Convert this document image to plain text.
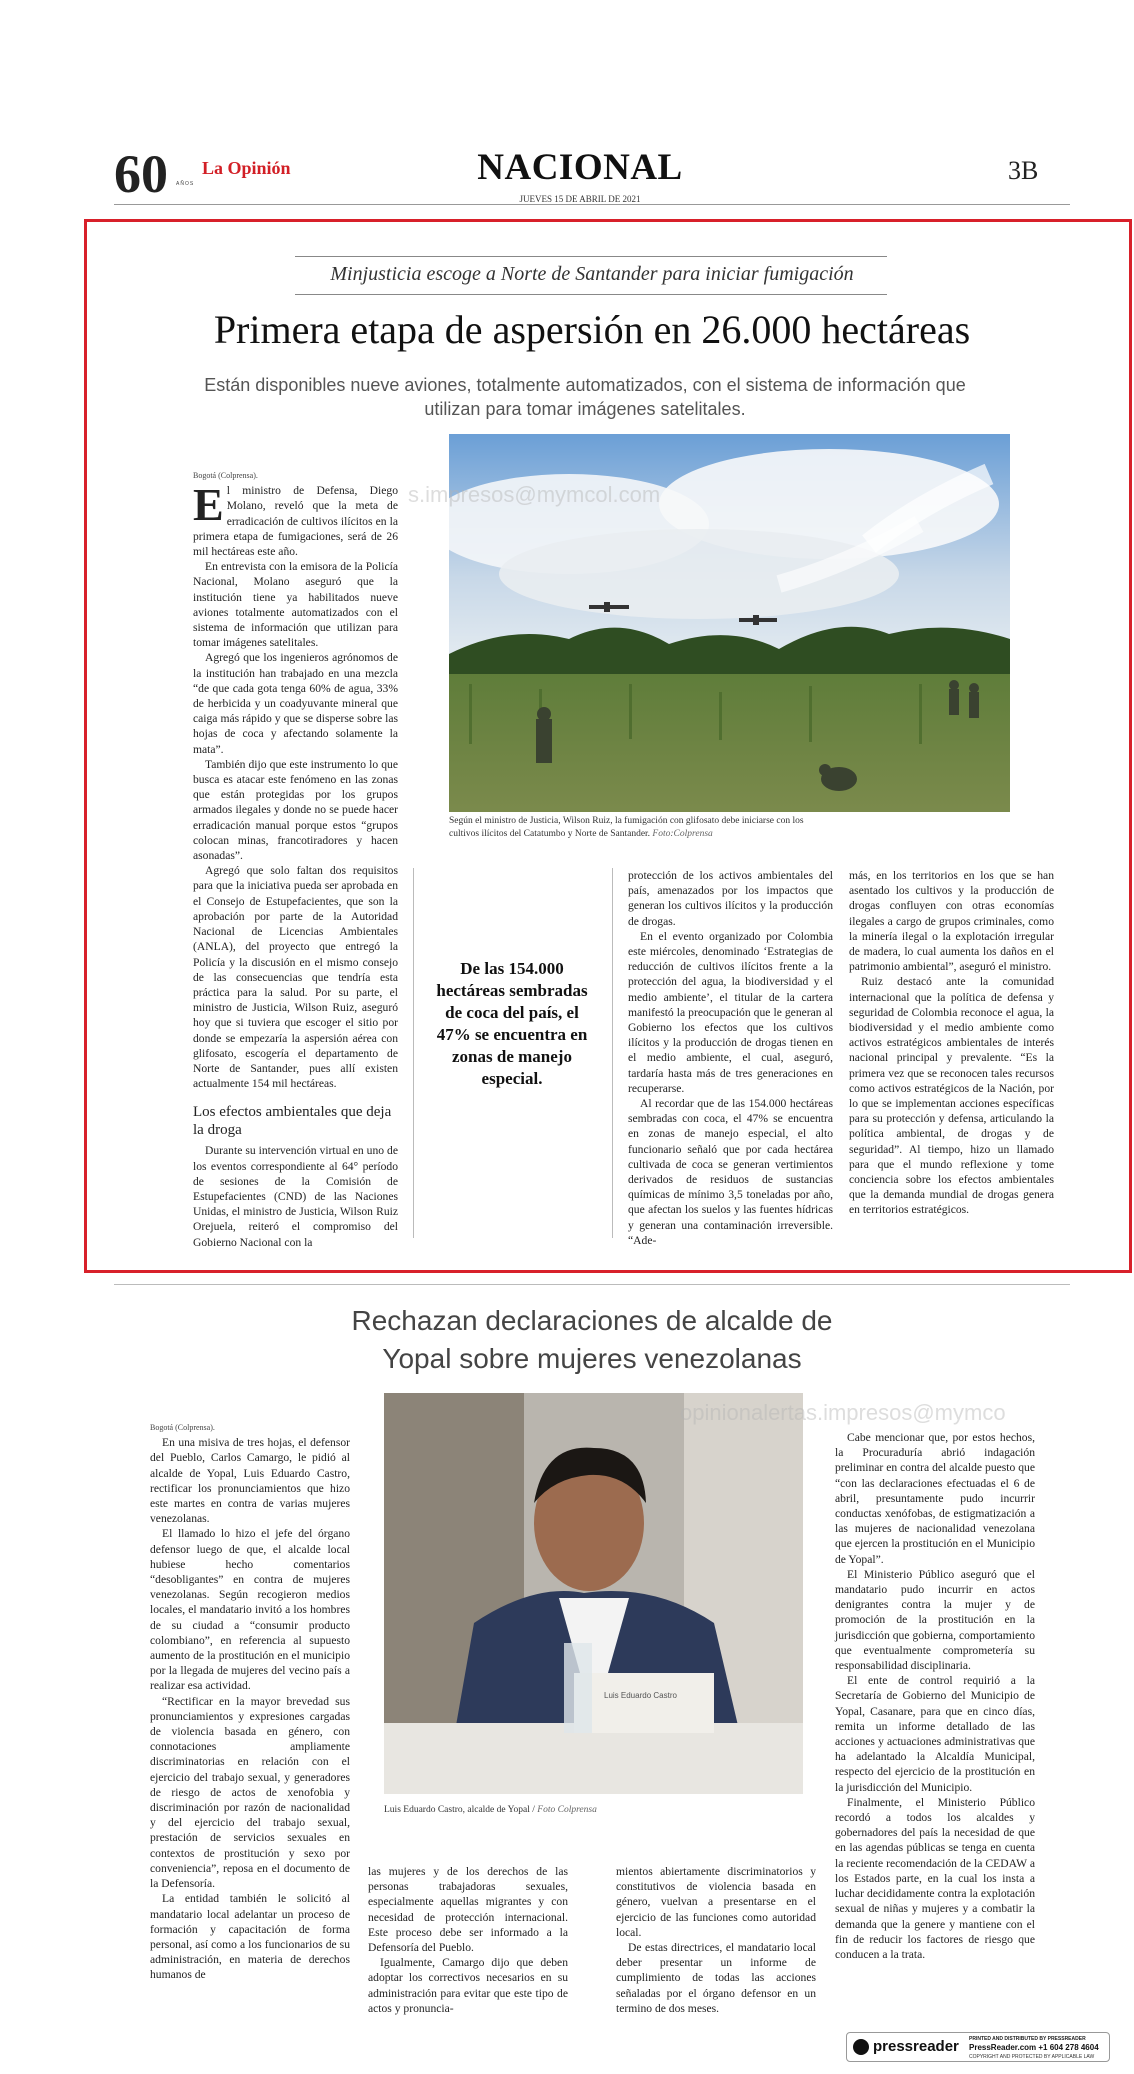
60 AÑOS
La Opinión	NACIONAL
JUEVES 15 DE ABRIL DE 2021
3B
Minjusticia escoge a Norte de Santander para iniciar fumigación
Primera etapa de aspersión en 26.000 hectáreas
Están disponibles nueve aviones, totalmente automatizados, con el sistema de información que utilizan para tomar imágenes satelitales.
Según el ministro de Justicia, Wilson Ruiz, la fumigación con glifosato debe iniciarse con los cultivos ilícitos del Catatumbo y Norte de Santander. Foto:Colprensa

Bogotá (Colprensa).

El ministro de Defensa, Diego Molano, reveló que la meta de erradicación de cultivos ilícitos en la primera etapa de fumigaciones, será de 26 mil hectáreas este año.

En entrevista con la emisora de la Policía Nacional, Molano aseguró que la institución tiene ya habilitados nueve aviones totalmente automatizados con el sistema de información que utilizan para tomar imágenes satelitales.

Agregó que los ingenieros agrónomos de la institución han trabajado en una mezcla “de que cada gota tenga 60% de agua, 33% de herbicida y un coadyuvante mineral que caiga más rápido y que se disperse sobre las hojas de coca y afectando solamente la mata”.

También dijo que este instrumento lo que busca es atacar este fenómeno en las zonas que están protegidas por los grupos armados ilegales y donde no se puede hacer erradicación manual porque estos “grupos colocan minas, francotiradores y hacen asonadas”.

Agregó que solo faltan dos requisitos para que la iniciativa pueda ser aprobada en el Consejo de Estupefacientes, que son la aprobación por parte de la Autoridad Nacional de Licencias Ambientales (ANLA), del proyecto que entregó la Policía y la discusión en el mismo consejo de las consecuencias que tendría esta práctica para la salud. Por su parte, el ministro de Justicia, Wilson Ruiz, aseguró hoy que si tuviera que escoger el sitio por donde se empezaría la aspersión aérea con glifosato, escogería el departamento de Norte de Santander, pues allí existen actualmente 154 mil hectáreas.

Los efectos ambientales que deja la droga

Durante su intervención virtual en uno de los eventos correspondiente al 64° período de sesiones de la Comisión de Estupefacientes (CND) de las Naciones Unidas, el ministro de Justicia, Wilson Ruiz Orejuela, reiteró el compromiso del Gobierno Nacional con la

De las 154.000 hectáreas sembradas de coca del país, el 47% se encuentra en zonas de manejo especial.

protección de los activos ambientales del país, amenazados por los impactos que generan los cultivos ilícitos y la producción de drogas.

En el evento organizado por Colombia este miércoles, denominado ‘Estrategias de reducción de cultivos ilícitos frente a la protección del agua, la biodiversidad y el medio ambiente’, el titular de la cartera manifestó la preocupación que le generan al Gobierno los efectos que los cultivos ilícitos y la producción de drogas tienen en el medio ambiente, el cual, aseguró, tardaría hasta más de tres generaciones en recuperarse.

Al recordar que de las 154.000 hectáreas sembradas con coca, el 47% se encuentra en zonas de manejo especial, el alto funcionario señaló que por cada hectárea cultivada de coca se generan vertimientos derivados de residuos de sustancias químicas de mínimo 3,5 toneladas por año, que afectan los suelos y las fuentes hídricas y generan una contaminación irreversible. “Ade-

más, en los territorios en los que se han asentado los cultivos y la producción de drogas confluyen con otras economías ilegales a cargo de grupos criminales, como la minería ilegal o la explotación irregular de madera, lo cual aumenta los daños en el patrimonio ambiental”, aseguró el ministro.

Ruiz destacó ante la comunidad internacional que la política de defensa y seguridad de Colombia reconoce el agua, la biodiversidad y el medio ambiente como activos estratégicos ambientales de interés nacional principal y prevalente. “Es la primera vez que se reconocen tales recursos como activos estratégicos de la Nación, por lo que se implementan acciones específicas para su protección y defensa, articulando la política ambiental, de drogas y de seguridad”. Al tiempo, hizo un llamado para que el mundo reflexione y tome conciencia sobre los efectos ambientales que la demanda mundial de drogas genera en territorios estratégicos.

s.impresos@mymcol.com
Rechazan declaraciones de alcalde de Yopal sobre mujeres venezolanas
Luis Eduardo Castro
Luis Eduardo Castro, alcalde de Yopal / Foto Colprensa

Bogotá (Colprensa).

En una misiva de tres hojas, el defensor del Pueblo, Carlos Camargo, le pidió al alcalde de Yopal, Luis Eduardo Castro, rectificar los pronunciamientos que hizo este martes en contra de varias mujeres venezolanas.

El llamado lo hizo el jefe del órgano defensor luego de que, el alcalde local hubiese hecho comentarios “desobligantes” en contra de mujeres venezolanas. Según recogieron medios locales, el mandatario invitó a los hombres de su ciudad a “consumir producto colombiano”, en referencia al supuesto aumento de la prostitución en el municipio por la llegada de mujeres del vecino país a realizar esa actividad.

“Rectificar en la mayor brevedad sus pronunciamientos y expresiones cargadas de violencia basada en género, con connotaciones ampliamente discriminatorias en relación con el ejercicio del trabajo sexual, y generadores de riesgo de actos de xenofobia y discriminación por razón de nacionalidad y del ejercicio del trabajo sexual, prestación de servicios sexuales en contextos de prostitución y sexo por conveniencia”, reposa en el documento de la Defensoría.

La entidad también le solicitó al mandatario local adelantar un proceso de formación y capacitación de forma personal, así como a los funcionarios de su administración, en materia de derechos humanos de

las mujeres y de los derechos de las personas trabajadoras sexuales, especialmente aquellas migrantes y con necesidad de protección internacional. Este proceso debe ser informado a la Defensoría del Pueblo.

Igualmente, Camargo dijo que deben adoptar los correctivos necesarios en su administración para evitar que este tipo de actos y pronuncia-

mientos abiertamente discriminatorios y constitutivos de violencia basada en género, vuelvan a presentarse en el ejercicio de las funciones como autoridad local.

De estas directrices, el mandatario local deber presentar un informe de cumplimiento de todas las acciones señaladas por el órgano defensor en un termino de dos meses.

Cabe mencionar que, por estos hechos, la Procuraduría abrió indagación preliminar en contra del alcalde puesto que “con las declaraciones efectuadas el 6 de abril, presuntamente pudo incurrir conductas xenófobas, de estigmatización a las mujeres de nacionalidad venezolana que ejercen la prostitución en el Municipio de Yopal”.

El Ministerio Público aseguró que el mandatario pudo incurrir en actos denigrantes contra la mujer y de promoción de la prostitución en la jurisdicción que gobierna, comportamiento que eventualmente comprometería su responsabilidad disciplinaria.

El ente de control requirió a la Secretaría de Gobierno del Municipio de Yopal, Casanare, para que en cinco días, remita un informe detallado de las acciones y actuaciones administrativas que ha adelantado la Alcaldía Municipal, respecto del ejercicio de la prostitución en la jurisdicción del Municipio.

Finalmente, el Ministerio Público recordó a todos los alcaldes y gobernadores del país la necesidad de que en las agendas públicas se tenga en cuenta la reciente recomendación de la CEDAW a los Estados parte, en la cual los insta a luchar decididamente contra la explotación sexual de niñas y mujeres y a combatir la demanda que la genere y mantiene con el fin de reducir los factores de riesgo que conducen a la trata.

opinionalertas.impresos@mymco
pressreader PRINTED AND DISTRIBUTED BY PRESSREADER
PressReader.com +1 604 278 4604
COPYRIGHT AND PROTECTED BY APPLICABLE LAW
